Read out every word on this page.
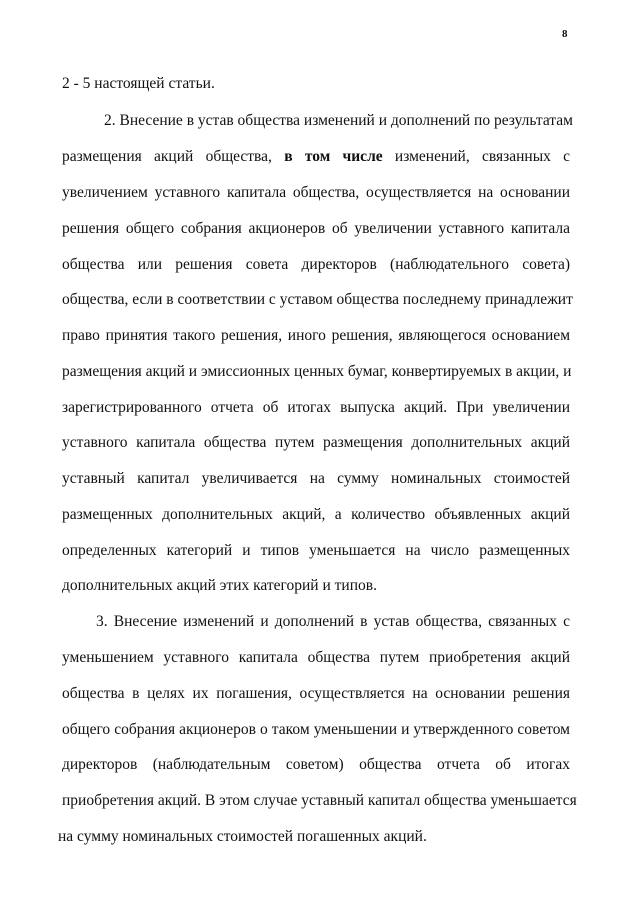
8
2 - 5 настоящей статьи.
2. Внесение в устав общества изменений и дополнений по результатам
размещения акций общества, в том числе изменений, связанных с
увеличением уставного капитала общества, осуществляется на основании
решения общего собрания акционеров об увеличении уставного капитала
общества или решения совета директоров (наблюдательного совета)
общества, если в соответствии с уставом общества последнему принадлежит
право принятия такого решения, иного решения, являющегося основанием
размещения акций и эмиссионных ценных бумаг, конвертируемых в акции, и
зарегистрированного отчета об итогах выпуска акций. При увеличении
уставного капитала общества путем размещения дополнительных акций
уставный капитал увеличивается на сумму номинальных стоимостей
размещенных дополнительных акций, а количество объявленных акций
определенных категорий и типов уменьшается на число размещенных
дополнительных акций этих категорий и типов.
3. Внесение изменений и дополнений в устав общества, связанных с
уменьшением уставного капитала общества путем приобретения акций
общества в целях их погашения, осуществляется на основании решения
общего собрания акционеров о таком уменьшении и утвержденного советом
директоров (наблюдательным советом) общества отчета об итогах
приобретения акций. В этом случае уставный капитал общества уменьшается
на сумму номинальных стоимостей погашенных акций.
